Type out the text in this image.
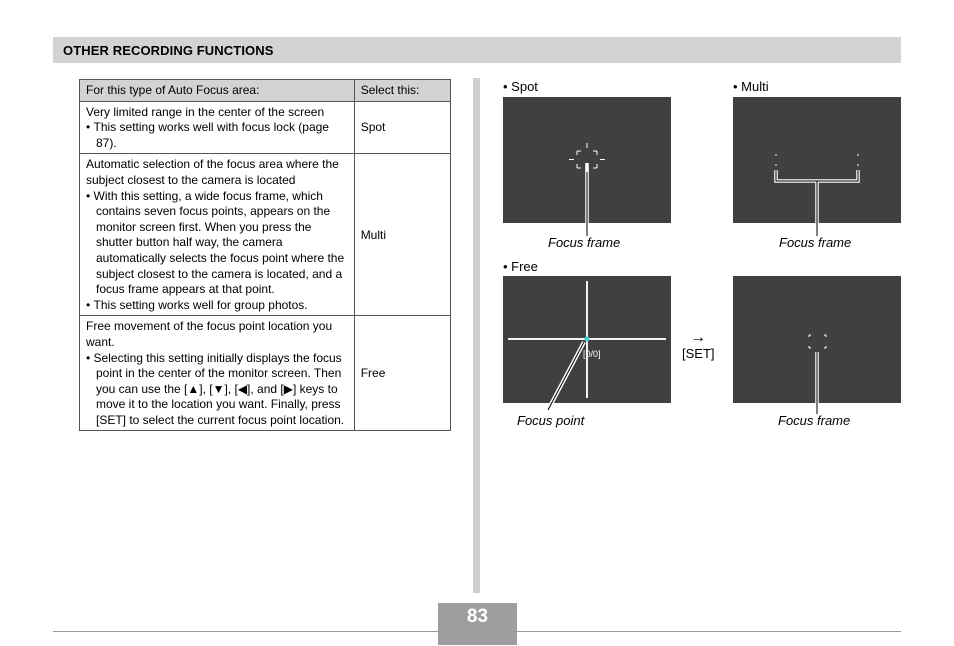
OTHER RECORDING FUNCTIONS
For this type of Auto Focus area:	Select this:
Very limited range in the center of the screen
• This setting works well with focus lock (page 87).	Spot
Automatic selection of the focus area where the subject closest to the camera is located
• With this setting, a wide focus frame, which contains seven focus points, appears on the monitor screen first. When you press the shutter button half way, the camera automatically selects the focus point where the subject closest to the camera is located, and a focus frame appears at that point.
• This setting works well for group photos.	Multi
Free movement of the focus point location you want.
• Selecting this setting initially displays the focus point in the center of the monitor screen. Then you can use the [▲], [▼], [◀], and [▶] keys to move it to the location you want. Finally, press [SET] to select the current focus point location.	Free
• Spot	• Multi
• Free
[0/0]
→
[SET]
Focus frame	Focus frame
Focus point	Focus frame
83
